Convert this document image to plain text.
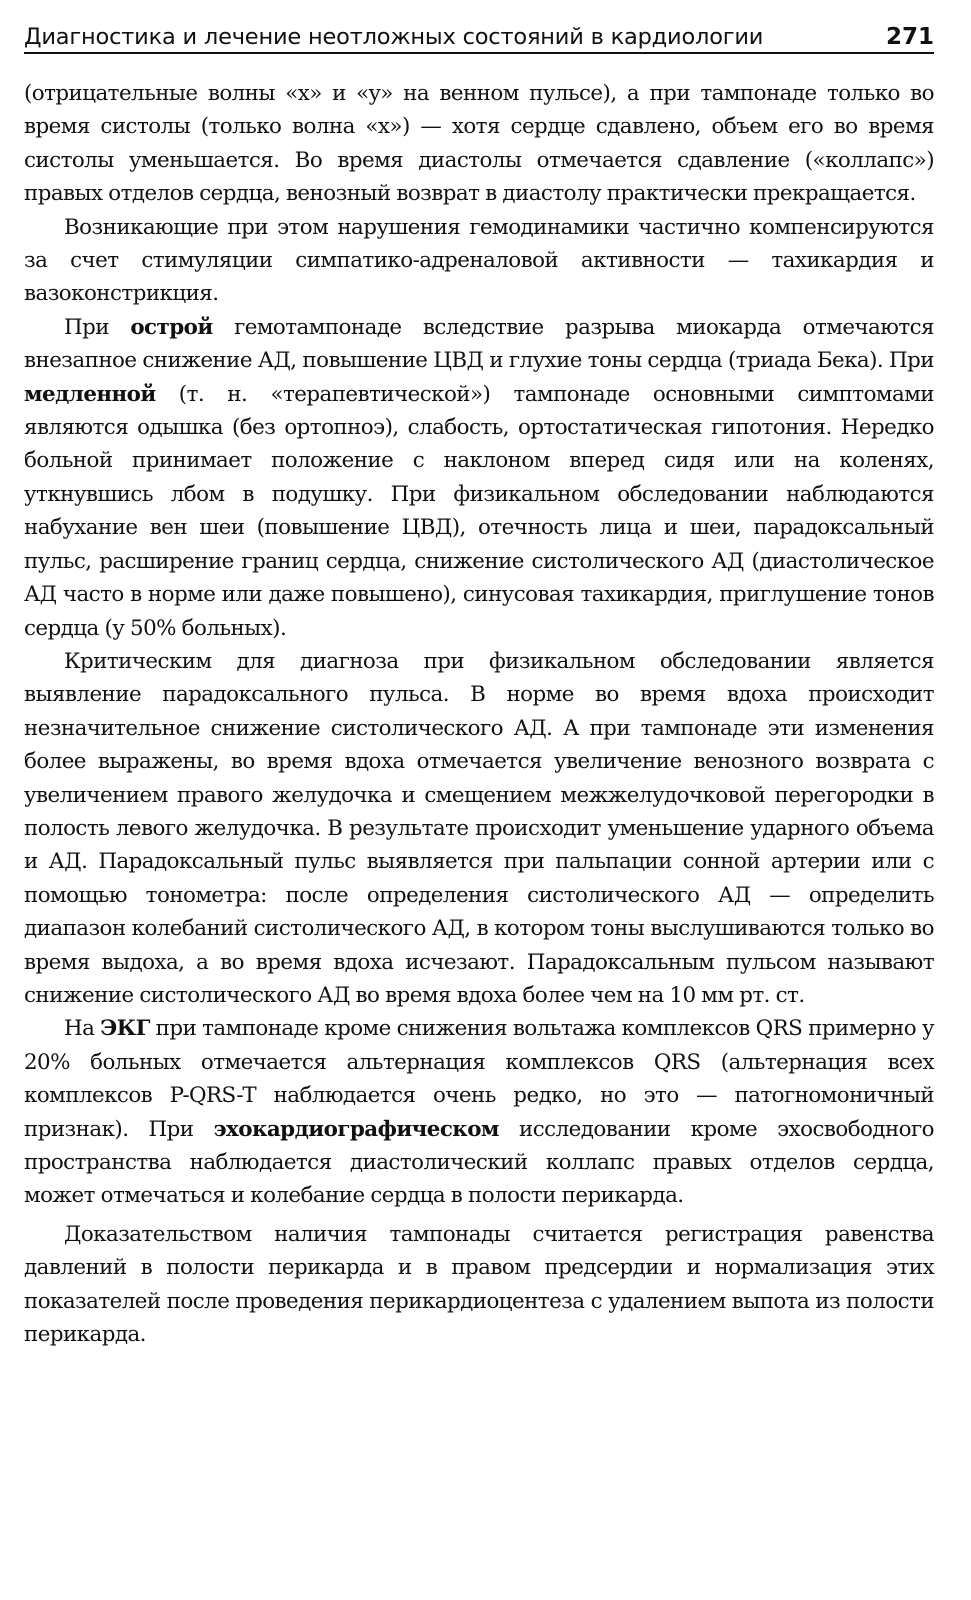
Диагностика и лечение неотложных состояний в кардиологии	271

(отрицательные волны «x» и «y» на венном пульсе), а при тампонаде только во время систолы (только волна «x») — хотя сердце сдавлено, объем его во время систолы уменьшается. Во время диастолы отмечается сдавление («коллапс») правых отделов сердца, венозный возврат в диастолу практически прекращается.

Возникающие при этом нарушения гемодинамики частично компенсируются за счет стимуляции симпатико-адреналовой активности — тахикардия и вазоконстрикция.

При острой гемотампонаде вследствие разрыва миокарда отмечаются внезапное снижение АД, повышение ЦВД и глухие тоны сердца (триада Бека). При медленной (т. н. «терапевтической») тампонаде основными симптомами являются одышка (без ортопноэ), слабость, ортостатическая гипотония. Нередко больной принимает положение с наклоном вперед сидя или на коленях, уткнувшись лбом в подушку. При физикальном обследовании наблюдаются набухание вен шеи (повышение ЦВД), отечность лица и шеи, парадоксальный пульс, расширение границ сердца, снижение систолического АД (диастолическое АД часто в норме или даже повышено), синусовая тахикардия, приглушение тонов сердца (у 50% больных).

Критическим для диагноза при физикальном обследовании является выявление парадоксального пульса. В норме во время вдоха происходит незначительное снижение систолического АД. А при тампонаде эти изменения более выражены, во время вдоха отмечается увеличение венозного возврата с увеличением правого желудочка и смещением межжелудочковой перегородки в полость левого желудочка. В результате происходит уменьшение ударного объема и АД. Парадоксальный пульс выявляется при пальпации сонной артерии или с помощью тонометра: после определения систолического АД — определить диапазон колебаний систолического АД, в котором тоны выслушиваются только во время выдоха, а во время вдоха исчезают. Парадоксальным пульсом называют снижение систолического АД во время вдоха более чем на 10 мм рт. ст.

На ЭКГ при тампонаде кроме снижения вольтажа комплексов QRS примерно у 20% больных отмечается альтернация комплексов QRS (альтернация всех комплексов P-QRS-T наблюдается очень редко, но это — патогномоничный признак). При эхокардиографическом исследовании кроме эхосвободного пространства наблюдается диастолический коллапс правых отделов сердца, может отмечаться и колебание сердца в полости перикарда.

Доказательством наличия тампонады считается регистрация равенства давлений в полости перикарда и в правом предсердии и нормализация этих показателей после проведения перикардиоцентеза с удалением выпота из полости перикарда.
